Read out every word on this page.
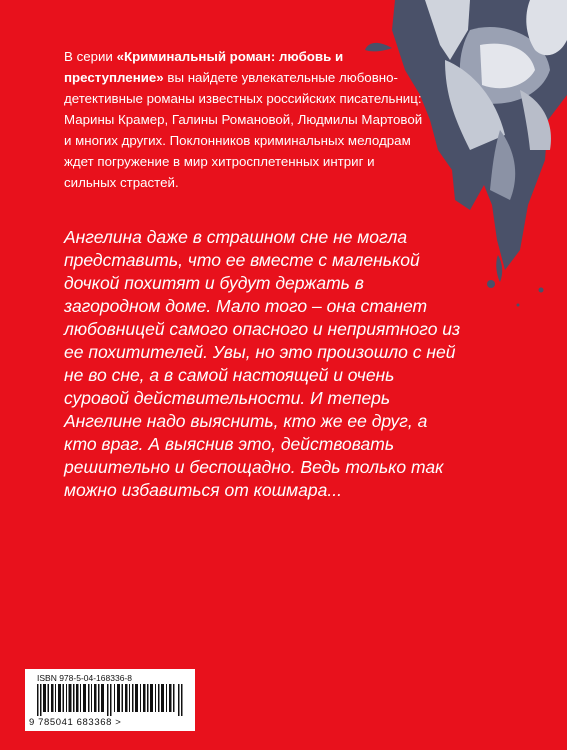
В серии «Криминальный роман: любовь и преступление» вы найдете увлекательные любовно-детективные романы известных российских писательниц: Марины Крамер, Галины Романовой, Людмилы Мартовой и многих других. Поклонников криминальных мелодрам ждет погружение в мир хитросплетенных интриг и сильных страстей.
Ангелина даже в страшном сне не могла представить, что ее вместе с маленькой дочкой похитят и будут держать в загородном доме. Мало того – она станет любовницей самого опасного и неприятного из ее похитителей. Увы, но это произошло с ней не во сне, а в самой настоящей и очень суровой действительности. И теперь Ангелине надо выяснить, кто же ее друг, а кто враг. А выяснив это, действовать решительно и беспощадно. Ведь только так можно избавиться от кошмара...
ISBN 978-5-04-168336-8
9 785041 683368 >
